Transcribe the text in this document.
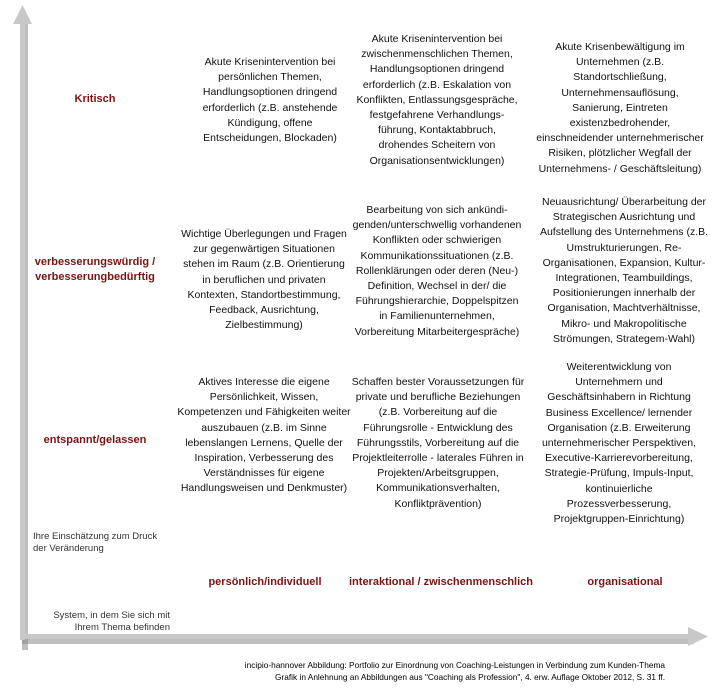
Kritisch
verbesserungswürdig / verbesserungbedürftig
entspannt/gelassen
persönlich/individuell	interaktional / zwischenmenschlich	organisational
Ihre Einschätzung zum Druck der Veränderung
System, in dem Sie sich mit Ihrem Thema befinden
Akute Krisenintervention bei persönlichen Themen, Handlungsoptionen dringend erforderlich (z.B. anstehende Kündigung, offene Entscheidungen, Blockaden)
Akute Krisenintervention bei zwischenmenschlichen Themen, Handlungsoptionen dringend erforderlich (z.B. Eskalation von Konflikten, Entlassungsgespräche, festgefahrene Verhandlungs-führung, Kontaktabbruch, drohendes Scheitern von Organisationsentwicklungen)
Akute Krisenbewältigung im Unternehmen (z.B. Standortschließung, Unternehmensauflösung, Sanierung, Eintreten existenzbedrohender, einschneidender unternehmerischer Risiken, plötzlicher Wegfall der Unternehmens- / Geschäftsleitung)
Wichtige Überlegungen und Fragen zur gegenwärtigen Situationen stehen im Raum (z.B. Orientierung in beruflichen und privaten Kontexten, Standortbestimmung, Feedback, Ausrichtung, Zielbestimmung)
Bearbeitung von sich ankündi-genden/unterschwellig vorhandenen Konflikten oder schwierigen Kommunikationssituationen (z.B. Rollenklärungen oder deren (Neu-) Definition, Wechsel in der/ die Führungshierarchie, Doppelspitzen in Familienunternehmen, Vorbereitung Mitarbeitergespräche)
Neuausrichtung/ Überarbeitung der Strategischen Ausrichtung und Aufstellung des Unternehmens (z.B. Umstrukturierungen, Re-Organisationen, Expansion, Kultur-Integrationen, Teambuildings, Positionierungen innerhalb der Organisation, Machtverhältnisse, Mikro- und Makropolitische Strömungen, Strategem-Wahl)
Aktives Interesse die eigene Persönlichkeit, Wissen, Kompetenzen und Fähigkeiten weiter auszubauen (z.B. im Sinne lebenslangen Lernens, Quelle der Inspiration, Verbesserung des Verständnisses für eigene Handlungsweisen und Denkmuster)
Schaffen bester Voraussetzungen für private und berufliche Beziehungen (z.B. Vorbereitung auf die Führungsrolle - Entwicklung des Führungsstils, Vorbereitung auf die Projektleiterrolle - laterales Führen in Projekten/Arbeitsgruppen, Kommunikationsverhalten, Konfliktprävention)
Weiterentwicklung von Unternehmern und Geschäftsinhabern in Richtung Business Excellence/ lernender Organisation (z.B. Erweiterung unternehmerischer Perspektiven, Executive-Karrierevorbereitung, Strategie-Prüfung, Impuls-Input, kontinuierliche Prozessverbesserung, Projektgruppen-Einrichtung)
incipio-hannover Abbildung: Portfolio zur Einordnung von Coaching-Leistungen in Verbindung zum Kunden-Thema
Grafik in Anlehnung an Abbildungen aus "Coaching als Profession", 4. erw. Auflage Oktober 2012, S. 31 ff.
